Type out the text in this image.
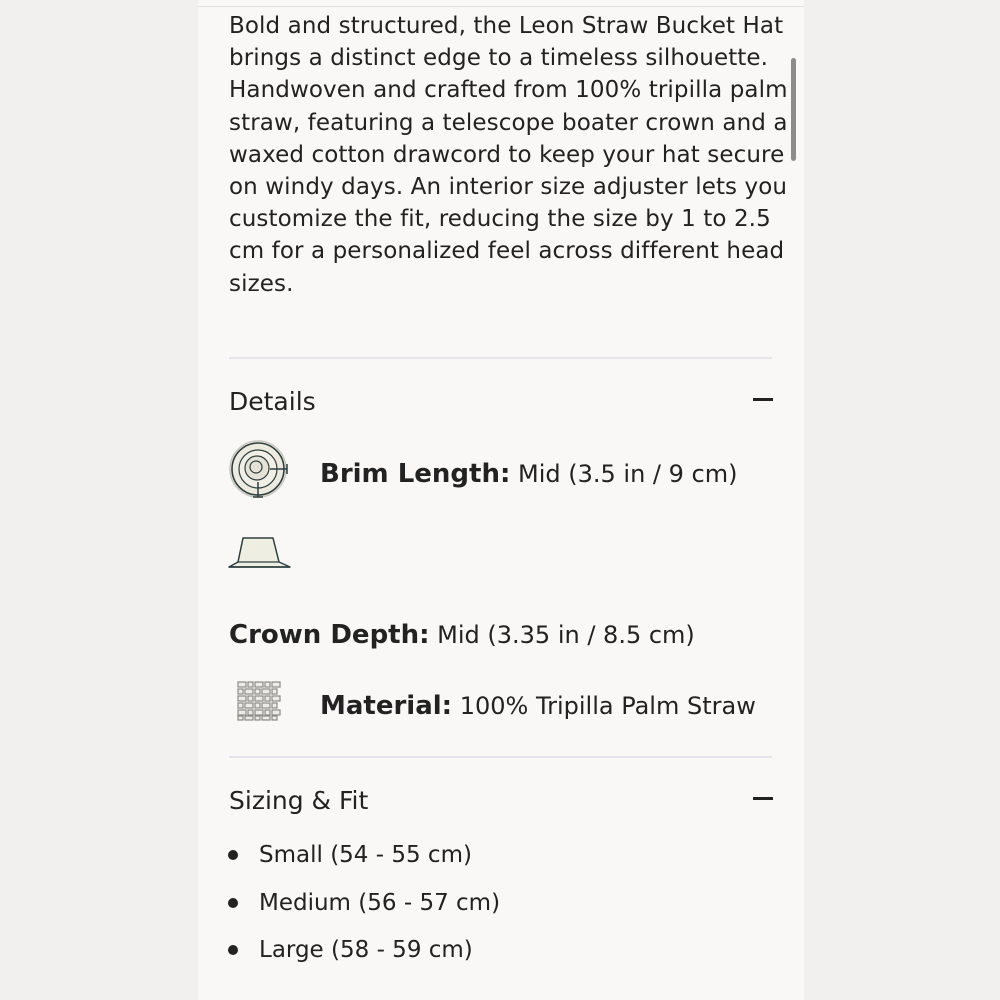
Bold and structured, the Leon Straw Bucket Hat brings a distinct edge to a timeless silhouette. Handwoven and crafted from 100% tripilla palm straw, featuring a telescope boater crown and a waxed cotton drawcord to keep your hat secure on windy days. An interior size adjuster lets you customize the fit, reducing the size by 1 to 2.5 cm for a personalized feel across different head sizes.

Details
Brim Length: Mid (3.5 in / 9 cm)
Crown Depth: Mid (3.35 in / 8.5 cm)
Material: 100% Tripilla Palm Straw
Sizing & Fit
Small (54 - 55 cm)
Medium (56 - 57 cm)
Large (58 - 59 cm)
